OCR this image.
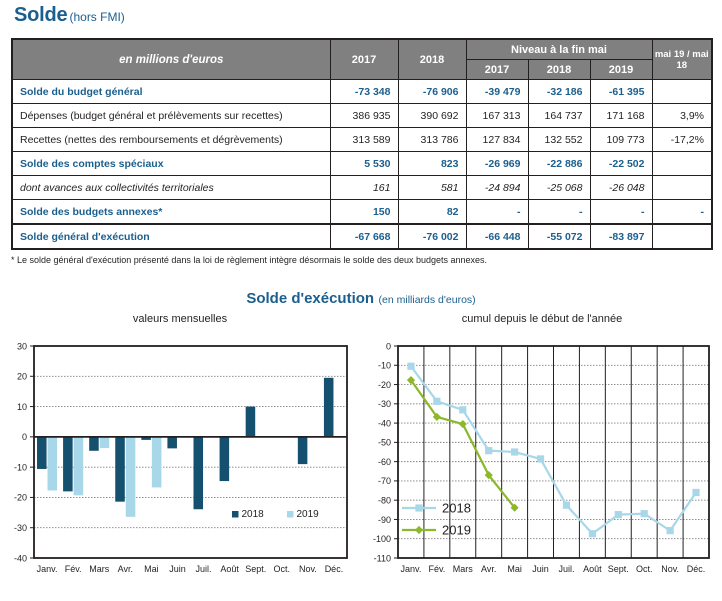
Solde (hors FMI)
en millions d'euros	2017	2018	Niveau à la fin mai			mai 19 / mai 18
			2017	2018	2019	
Solde du budget général	-73 348	-76 906	-39 479	-32 186	-61 395	
Dépenses (budget général et prélèvements sur recettes)	386 935	390 692	167 313	164 737	171 168	3,9%
Recettes (nettes des remboursements et dégrèvements)	313 589	313 786	127 834	132 552	109 773	-17,2%
Solde des comptes spéciaux	5 530	823	-26 969	-22 886	-22 502	
dont avances aux collectivités territoriales	161	581	-24 894	-25 068	-26 048	
Solde des budgets annexes*	150	82	-	-	-	-
Solde général d'exécution	-67 668	-76 002	-66 448	-55 072	-83 897	
* Le solde général d'exécution présenté dans la loi de règlement intègre désormais le solde des deux budgets annexes.
Solde d'exécution (en milliards d'euros)
valeurs mensuelles	cumul depuis le début de l'année
30
20
10
-10
-20
-30
-40
0
Janv. Fév. Mars Avr. Mai Juin Juil. Août Sept. Oct. Nov. Déc.
2018	2019
0
-10
-20
-30
-40
-50
-60
-70
-80
-90
-100
-110
Janv. Fév. Mars Avr. Mai Juin Juil. Août Sept. Oct. Nov. Déc.
2018
2019
